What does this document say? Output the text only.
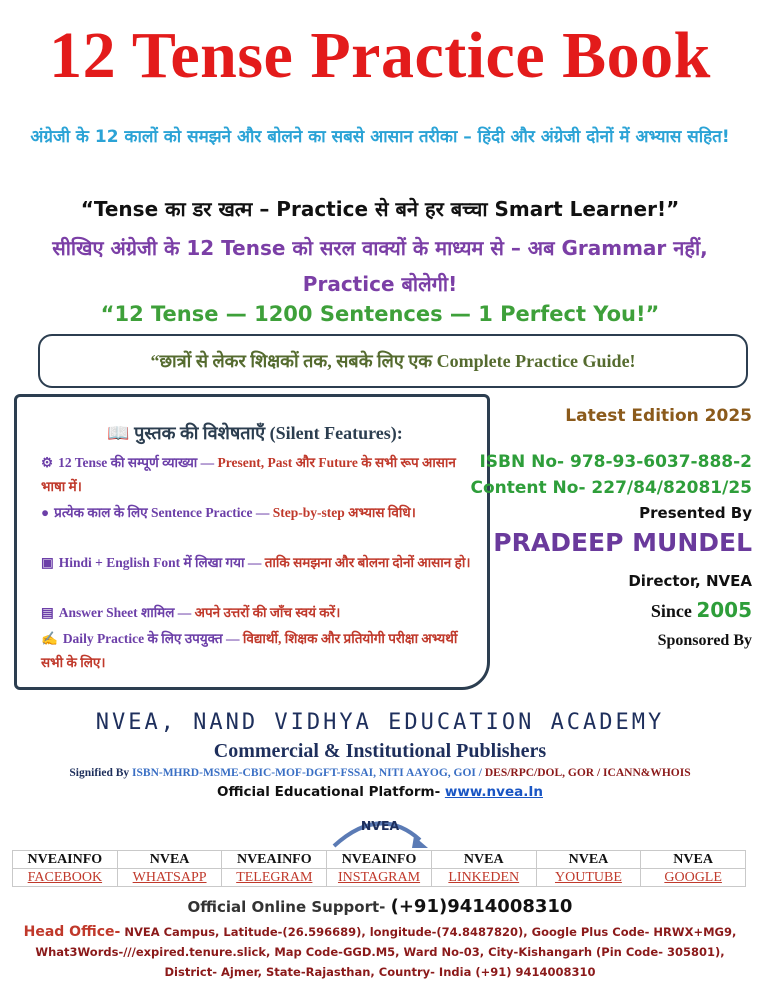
12 Tense Practice Book
अंग्रेजी के 12 कालों को समझने और बोलने का सबसे आसान तरीका – हिंदी और अंग्रेजी दोनों में अभ्यास सहित!
“Tense का डर खत्म – Practice से बने हर बच्चा Smart Learner!”
सीखिए अंग्रेजी के 12 Tense को सरल वाक्यों के माध्यम से – अब Grammar नहीं, Practice बोलेगी!
“12 Tense — 1200 Sentences — 1 Perfect You!”
“छात्रों से लेकर शिक्षकों तक, सबके लिए एक Complete Practice Guide!
📖 पुस्तक की विशेषताएँ (Silent Features):
⚙ 12 Tense की सम्पूर्ण व्याख्या — Present, Past और Future के सभी रूप आसान भाषा में।
● प्रत्येक काल के लिए Sentence Practice — Step-by-step अभ्यास विधि।
▣ Hindi + English Font में लिखा गया — ताकि समझना और बोलना दोनों आसान हो।
▤ Answer Sheet शामिल — अपने उत्तरों की जाँच स्वयं करें।
✍ Daily Practice के लिए उपयुक्त — विद्यार्थी, शिक्षक और प्रतियोगी परीक्षा अभ्यर्थी सभी के लिए।
Latest Edition 2025
ISBN No- 978-93-6037-888-2
Content No- 227/84/82081/25
Presented By
PRADEEP MUNDEL
Director, NVEA
Since 2005
Sponsored By
NVEA, NAND VIDHYA EDUCATION ACADEMY
Commercial & Institutional Publishers
Signified By ISBN-MHRD-MSME-CBIC-MOF-DGFT-FSSAI, NITI AAYOG, GOI / DES/RPC/DOL, GOR / ICANN&WHOIS
Official Educational Platform- www.nvea.In
NVEA
NVEAINFO	NVEA	NVEAINFO	NVEAINFO	NVEA	NVEA	NVEA
FACEBOOK	WHATSAPP	TELEGRAM	INSTAGRAM	LINKEDEN	YOUTUBE	GOOGLE
Official Online Support- (+91)9414008310
Head Office- NVEA Campus, Latitude-(26.596689), longitude-(74.8487820), Google Plus Code- HRWX+MG9, What3Words-///expired.tenure.slick, Map Code-GGD.M5, Ward No-03, City-Kishangarh (Pin Code- 305801), District- Ajmer, State-Rajasthan, Country- India (+91) 9414008310
